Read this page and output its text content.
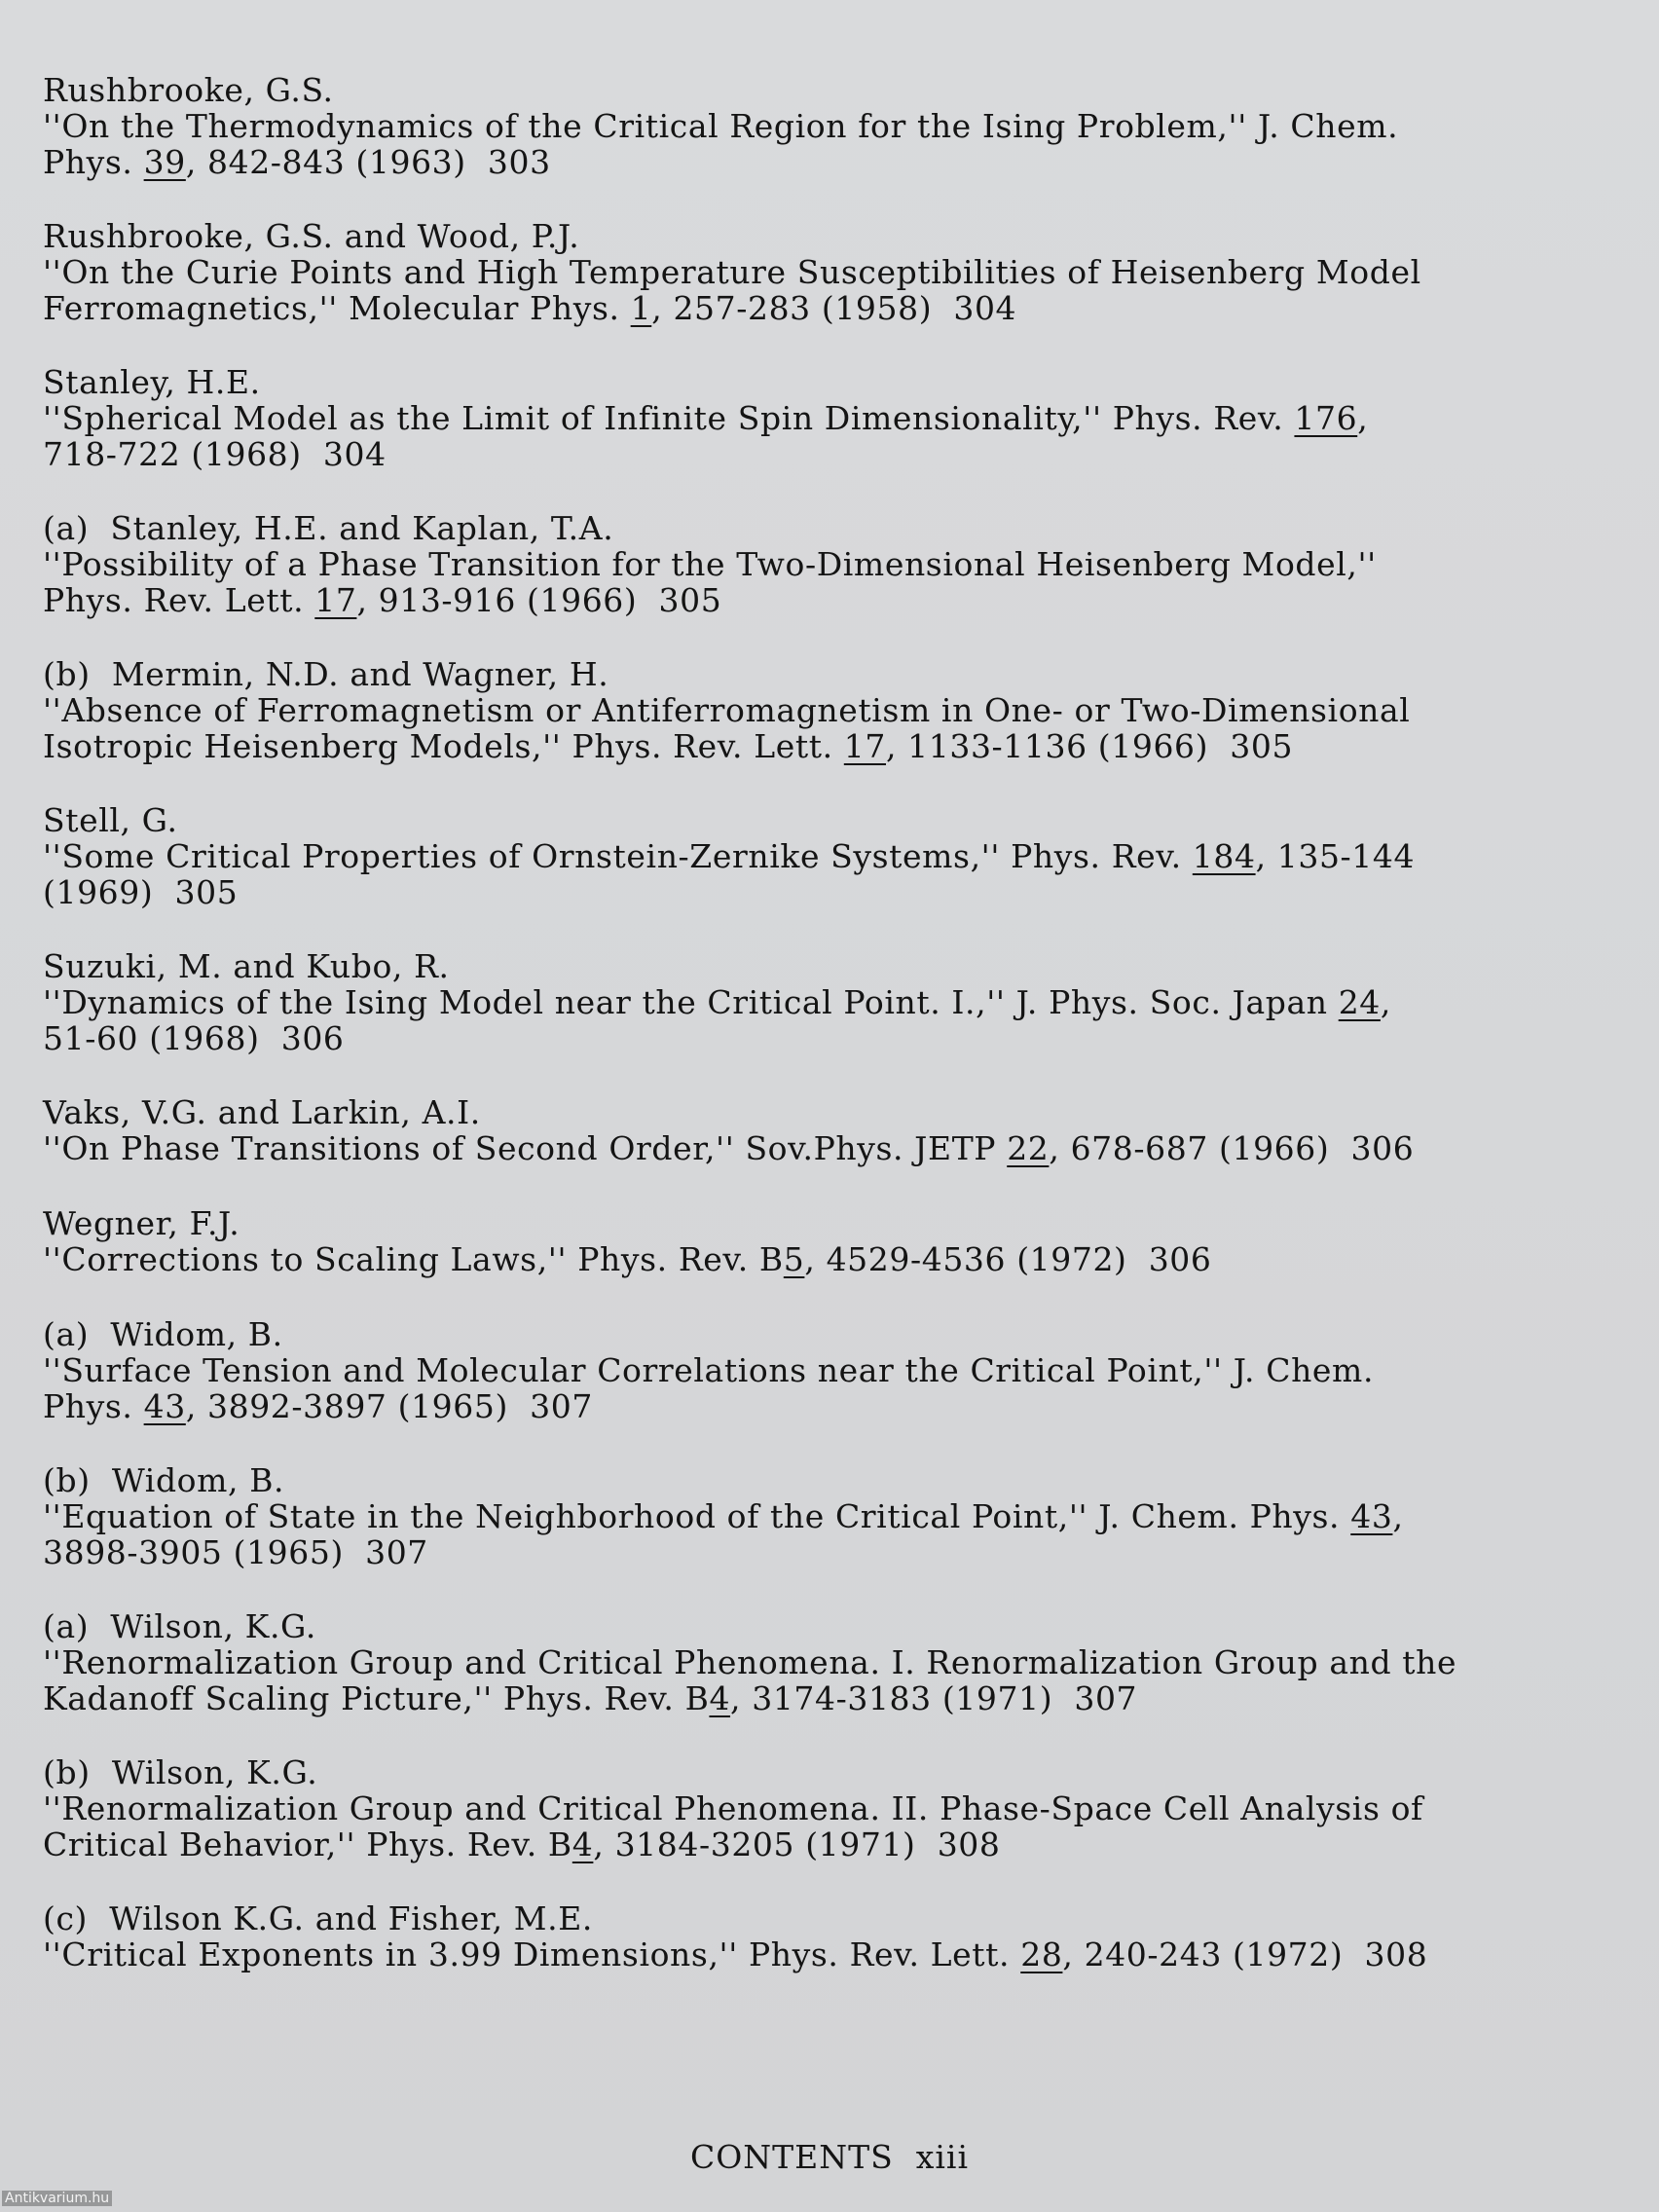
Rushbrooke, G.S.
''On the Thermodynamics of the Critical Region for the Ising Problem,'' J. Chem.
Phys. 39, 842-843 (1963)  303
Rushbrooke, G.S. and Wood, P.J.
''On the Curie Points and High Temperature Susceptibilities of Heisenberg Model
Ferromagnetics,'' Molecular Phys. 1, 257-283 (1958)  304
Stanley, H.E.
''Spherical Model as the Limit of Infinite Spin Dimensionality,'' Phys. Rev. 176,
718-722 (1968)  304
(a)  Stanley, H.E. and Kaplan, T.A.
''Possibility of a Phase Transition for the Two-Dimensional Heisenberg Model,''
Phys. Rev. Lett. 17, 913-916 (1966)  305
(b)  Mermin, N.D. and Wagner, H.
''Absence of Ferromagnetism or Antiferromagnetism in One- or Two-Dimensional
Isotropic Heisenberg Models,'' Phys. Rev. Lett. 17, 1133-1136 (1966)  305
Stell, G.
''Some Critical Properties of Ornstein-Zernike Systems,'' Phys. Rev. 184, 135-144
(1969)  305
Suzuki, M. and Kubo, R.
''Dynamics of the Ising Model near the Critical Point. I.,'' J. Phys. Soc. Japan 24,
51-60 (1968)  306
Vaks, V.G. and Larkin, A.I.
''On Phase Transitions of Second Order,'' Sov.Phys. JETP 22, 678-687 (1966)  306
Wegner, F.J.
''Corrections to Scaling Laws,'' Phys. Rev. B5, 4529-4536 (1972)  306
(a)  Widom, B.
''Surface Tension and Molecular Correlations near the Critical Point,'' J. Chem.
Phys. 43, 3892-3897 (1965)  307
(b)  Widom, B.
''Equation of State in the Neighborhood of the Critical Point,'' J. Chem. Phys. 43,
3898-3905 (1965)  307
(a)  Wilson, K.G.
''Renormalization Group and Critical Phenomena. I. Renormalization Group and the
Kadanoff Scaling Picture,'' Phys. Rev. B4, 3174-3183 (1971)  307
(b)  Wilson, K.G.
''Renormalization Group and Critical Phenomena. II. Phase-Space Cell Analysis of
Critical Behavior,'' Phys. Rev. B4, 3184-3205 (1971)  308
(c)  Wilson K.G. and Fisher, M.E.
''Critical Exponents in 3.99 Dimensions,'' Phys. Rev. Lett. 28, 240-243 (1972)  308
CONTENTS  xiii
Antikvarium.hu
